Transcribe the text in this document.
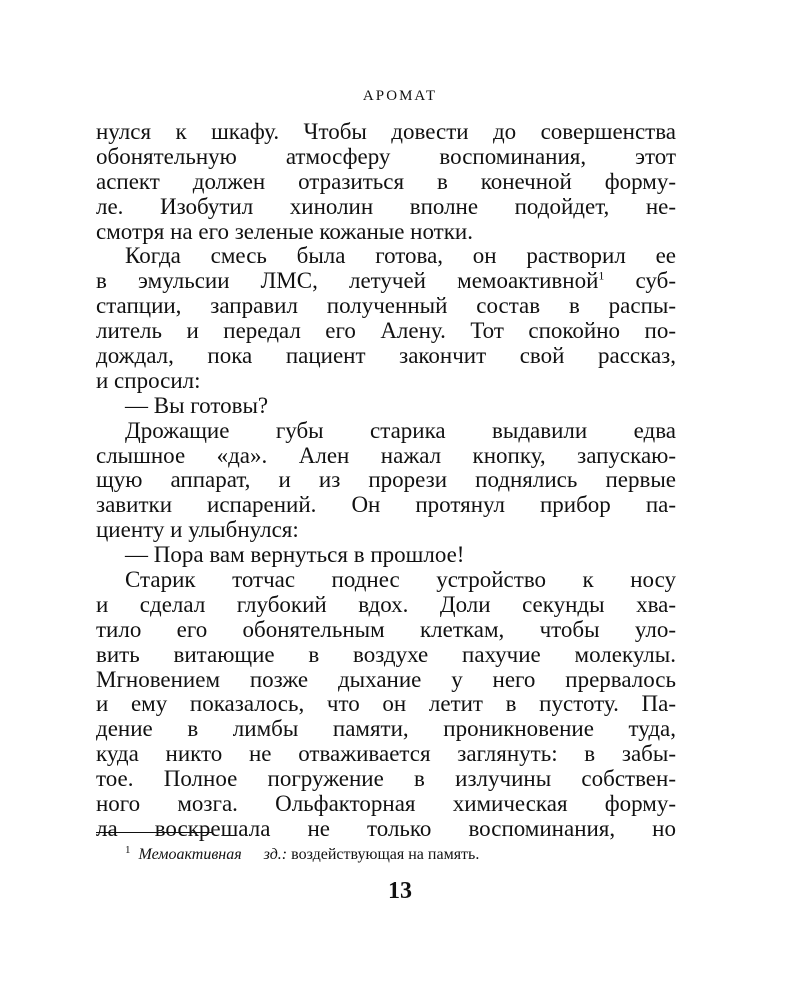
АРОМАТ
нулся к шкафу. Чтобы довести до совершенства
обонятельную атмосферу воспоминания, этот
аспект должен отразиться в конечной форму-
ле. Изобутил хинолин вполне подойдет, не-
смотря на его зеленые кожаные нотки.
Когда смесь была готова, он растворил ее
в эмульсии ЛМС, летучей мемоактивной$^1$ суб-
стапции, заправил полученный состав в распы-
литель и передал его Алену. Тот спокойно по-
дождал, пока пациент закончит свой рассказ,
и спросил:
— Вы готовы?
Дрожащие губы старика выдавили едва
слышное «да». Ален нажал кнопку, запускаю-
щую аппарат, и из прорези поднялись первые
завитки испарений. Он протянул прибор па-
циенту и улыбнулся:
— Пора вам вернуться в прошлое!
Старик тотчас поднес устройство к носу
и сделал глубокий вдох. Доли секунды хва-
тило его обонятельным клеткам, чтобы уло-
вить витающие в воздухе пахучие молекулы.
Мгновением позже дыхание у него прервалось
и ему показалось, что он летит в пустоту. Па-
дение в лимбы памяти, проникновение туда,
куда никто не отваживается заглянуть: в забы-
тое. Полное погружение в излучины собствен-
ного мозга. Ольфакторная химическая форму-
ла воскрешала не только воспоминания, но
$^1$ Мемоактивная зд.: воздействующая на память.
13
